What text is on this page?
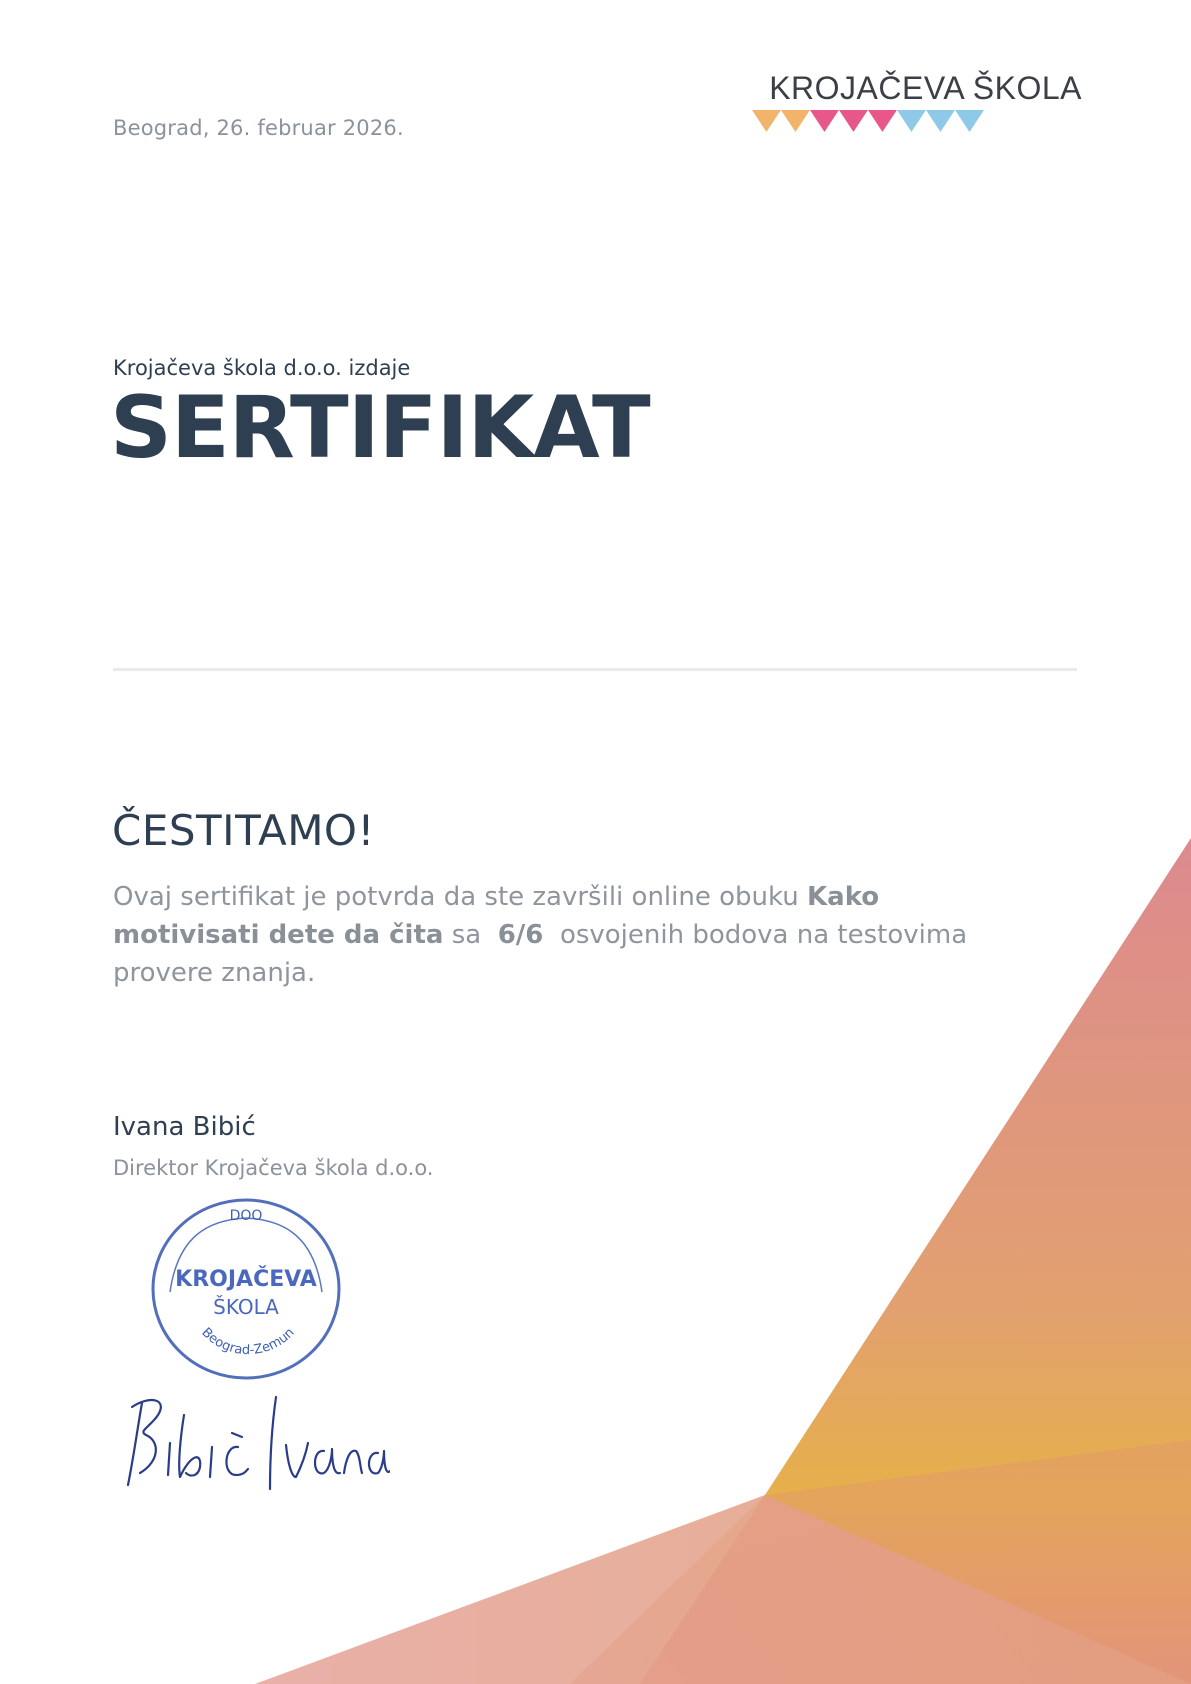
Beograd, 26. februar 2026.
KROJAČEVA ŠKOLA
Krojačeva škola d.o.o. izdaje
SERTIFIKAT
ČESTITAMO!
Ovaj sertifikat je potvrda da ste završili online obuku Kako motivisati dete da čita sa 6/6 osvojenih bodova na testovima provere znanja.
Ivana Bibić
Direktor Krojačeva škola d.o.o.
DOO
KROJAČEVA
ŠKOLA
Beograd-Zemun
